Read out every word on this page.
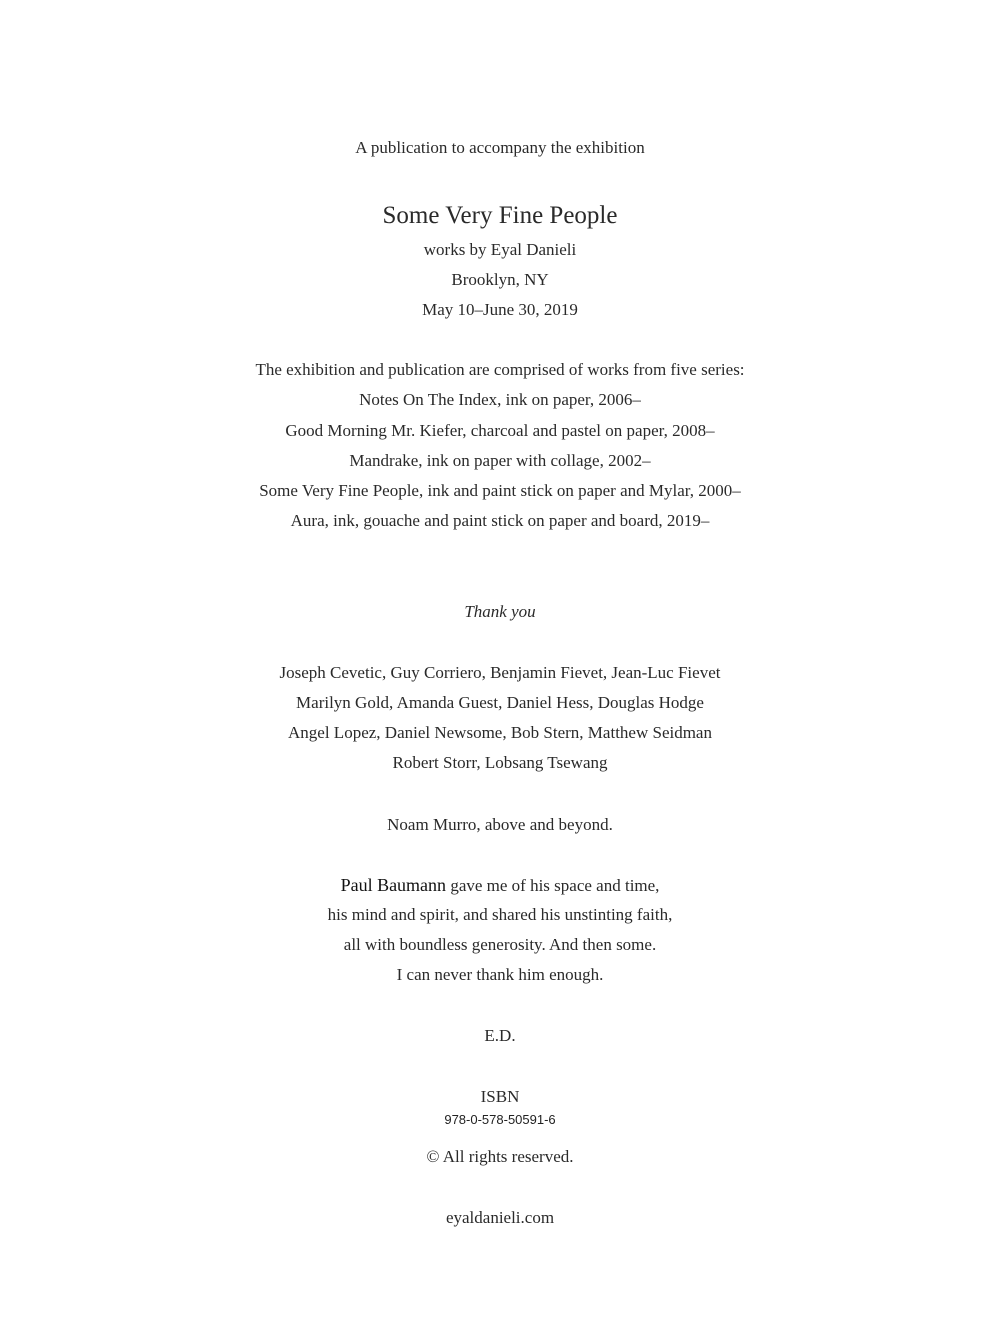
A publication to accompany the exhibition
Some Very Fine People
works by Eyal Danieli
Brooklyn, NY
May 10–June 30, 2019
The exhibition and publication are comprised of works from five series:
Notes On The Index, ink on paper, 2006–
Good Morning Mr. Kiefer, charcoal and pastel on paper, 2008–
Mandrake, ink on paper with collage, 2002–
Some Very Fine People, ink and paint stick on paper and Mylar, 2000–
Aura, ink, gouache and paint stick on paper and board, 2019–
Thank you
Joseph Cevetic, Guy Corriero, Benjamin Fievet, Jean-Luc Fievet
Marilyn Gold, Amanda Guest, Daniel Hess, Douglas Hodge
Angel Lopez, Daniel Newsome, Bob Stern, Matthew Seidman
Robert Storr, Lobsang Tsewang
Noam Murro, above and beyond.
Paul Baumann gave me of his space and time,
his mind and spirit, and shared his unstinting faith,
all with boundless generosity. And then some.
I can never thank him enough.
E.D.
ISBN
978-0-578-50591-6
© All rights reserved.
eyaldanieli.com
